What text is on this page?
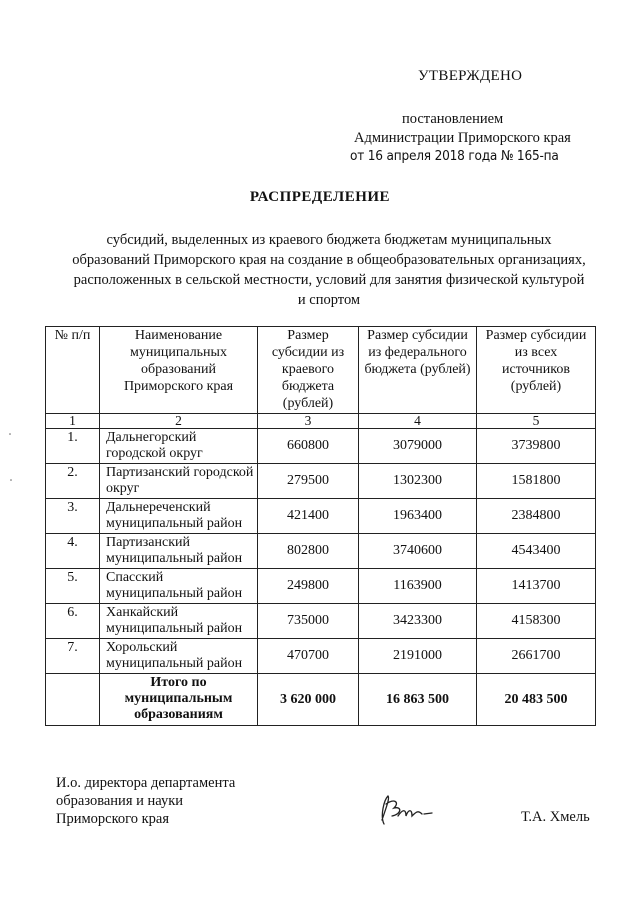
УТВЕРЖДЕНО
постановлением
Администрации Приморского края
от 16 апреля 2018 года № 165-па
РАСПРЕДЕЛЕНИЕ
субсидий, выделенных из краевого бюджета бюджетам муниципальных
образований Приморского края на создание в общеобразовательных организациях,
расположенных в сельской местности, условий для занятия физической культурой
и спортом
№ п/п	Наименование муниципальных образований Приморского края	Размер субсидии из краевого бюджета (рублей)	Размер субсидии из федерального бюджета (рублей)	Размер субсидии из всех источников (рублей)

1	2	3	4	5
1.	Дальнегорский городской округ	660800	3079000	3739800
2.	Партизанский городской округ	279500	1302300	1581800
3.	Дальнереченский муниципальный район	421400	1963400	2384800
4.	Партизанский муниципальный район	802800	3740600	4543400
5.	Спасский муниципальный район	249800	1163900	1413700
6.	Ханкайский муниципальный район	735000	3423300	4158300
7.	Хорольский муниципальный район	470700	2191000	2661700

	Итого по муниципальным образованиям	3 620 000	16 863 500	20 483 500
И.о. директора департамента
образования и науки
Приморского края	Т.А. Хмель
